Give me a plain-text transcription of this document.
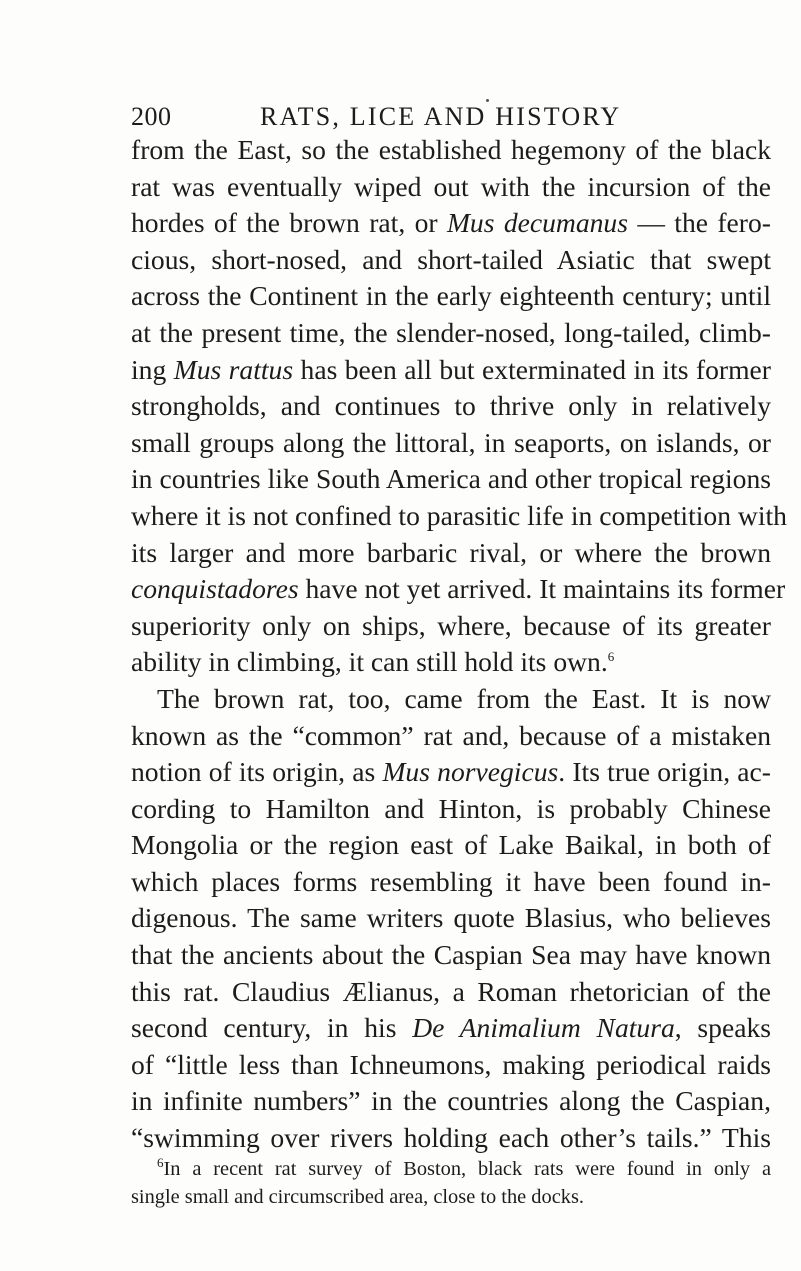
200	RATS, LICE AND HISTORY
from the East, so the established hegemony of the black
rat was eventually wiped out with the incursion of the
hordes of the brown rat, or Mus decumanus — the fero-
cious, short-nosed, and short-tailed Asiatic that swept
across the Continent in the early eighteenth century; until
at the present time, the slender-nosed, long-tailed, climb-
ing Mus rattus has been all but exterminated in its former
strongholds, and continues to thrive only in relatively
small groups along the littoral, in seaports, on islands, or
in countries like South America and other tropical regions
where it is not confined to parasitic life in competition with
its larger and more barbaric rival, or where the brown
conquistadores have not yet arrived. It maintains its former
superiority only on ships, where, because of its greater
ability in climbing, it can still hold its own.$^6$
The brown rat, too, came from the East. It is now
known as the “common” rat and, because of a mistaken
notion of its origin, as Mus norvegicus. Its true origin, ac-
cording to Hamilton and Hinton, is probably Chinese
Mongolia or the region east of Lake Baikal, in both of
which places forms resembling it have been found in-
digenous. The same writers quote Blasius, who believes
that the ancients about the Caspian Sea may have known
this rat. Claudius Ælianus, a Roman rhetorician of the
second century, in his De Animalium Natura, speaks
of “little less than Ichneumons, making periodical raids
in infinite numbers” in the countries along the Caspian,
“swimming over rivers holding each other’s tails.” This
$^6$In a recent rat survey of Boston, black rats were found in only a
single small and circumscribed area, close to the docks.
